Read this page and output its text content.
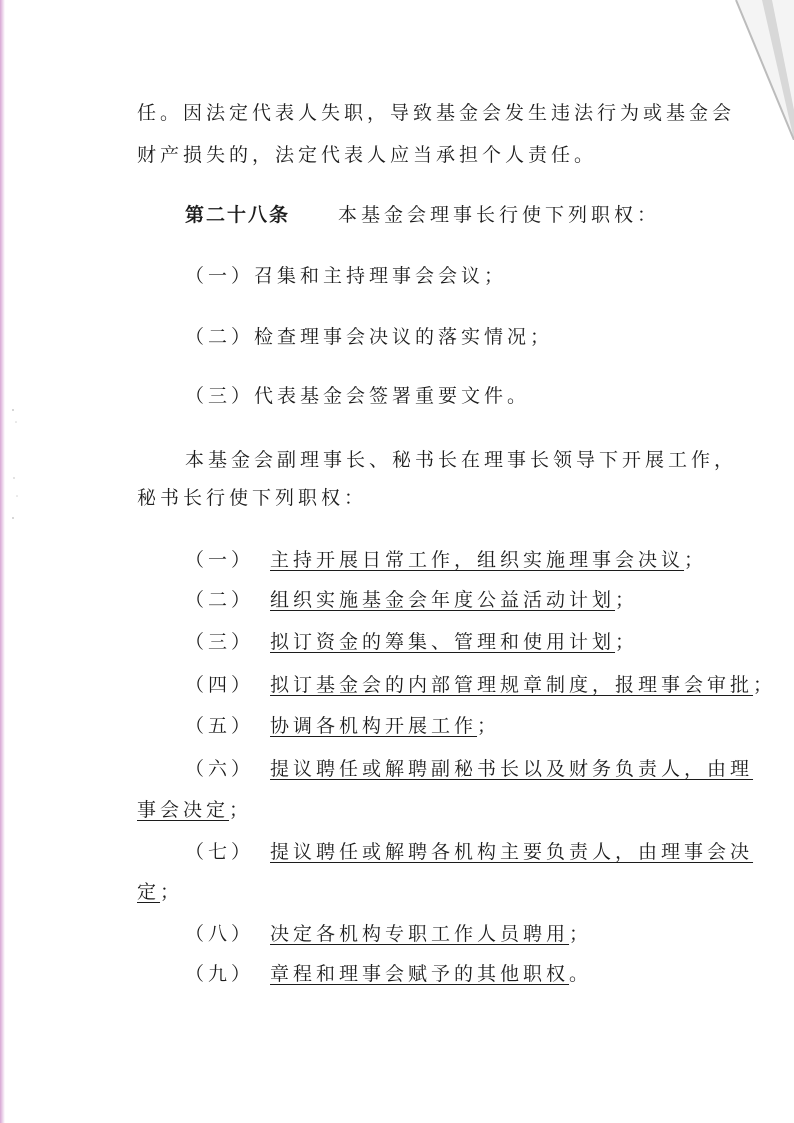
任。因法定代表人失职，导致基金会发生违法行为或基金会
财产损失的，法定代表人应当承担个人责任。
第二十八条	本基金会理事长行使下列职权：
（一）召集和主持理事会会议；
（二）检查理事会决议的落实情况；
（三）代表基金会签署重要文件。
本基金会副理事长、秘书长在理事长领导下开展工作，
秘书长行使下列职权：
（一） 主持开展日常工作，组织实施理事会决议；
（二） 组织实施基金会年度公益活动计划；
（三） 拟订资金的筹集、管理和使用计划；
（四） 拟订基金会的内部管理规章制度，报理事会审批；
（五） 协调各机构开展工作；
（六） 提议聘任或解聘副秘书长以及财务负责人，由理
事会决定；
（七） 提议聘任或解聘各机构主要负责人，由理事会决
定；
（八） 决定各机构专职工作人员聘用；
（九） 章程和理事会赋予的其他职权。
